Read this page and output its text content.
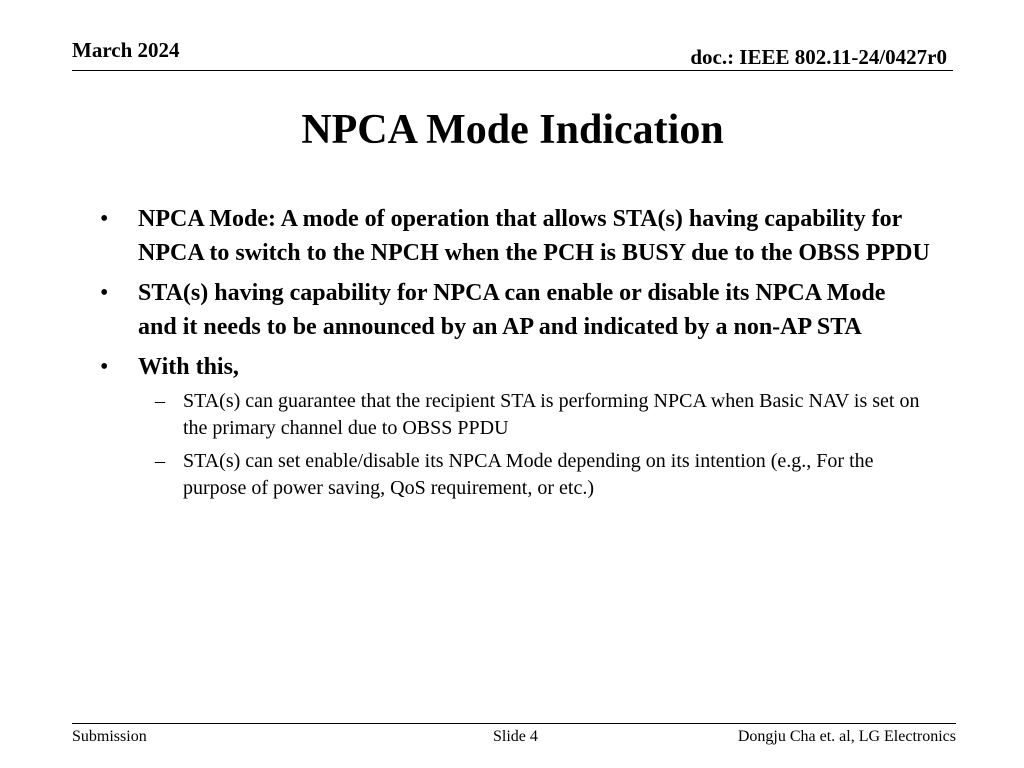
March 2024	doc.: IEEE 802.11-24/0427r0
NPCA Mode Indication
•	NPCA Mode: A mode of operation that allows STA(s) having capability for NPCA to switch to the NPCH when the PCH is BUSY due to the OBSS PPDU
•	STA(s) having capability for NPCA can enable or disable its NPCA Mode and it needs to be announced by an AP and indicated by a non-AP STA
•	With this,
– STA(s) can guarantee that the recipient STA is performing NPCA when Basic NAV is set on the primary channel due to OBSS PPDU
– STA(s) can set enable/disable its NPCA Mode depending on its intention (e.g., For the purpose of power saving, QoS requirement, or etc.)
Submission	Slide 4	Dongju Cha et. al, LG Electronics
